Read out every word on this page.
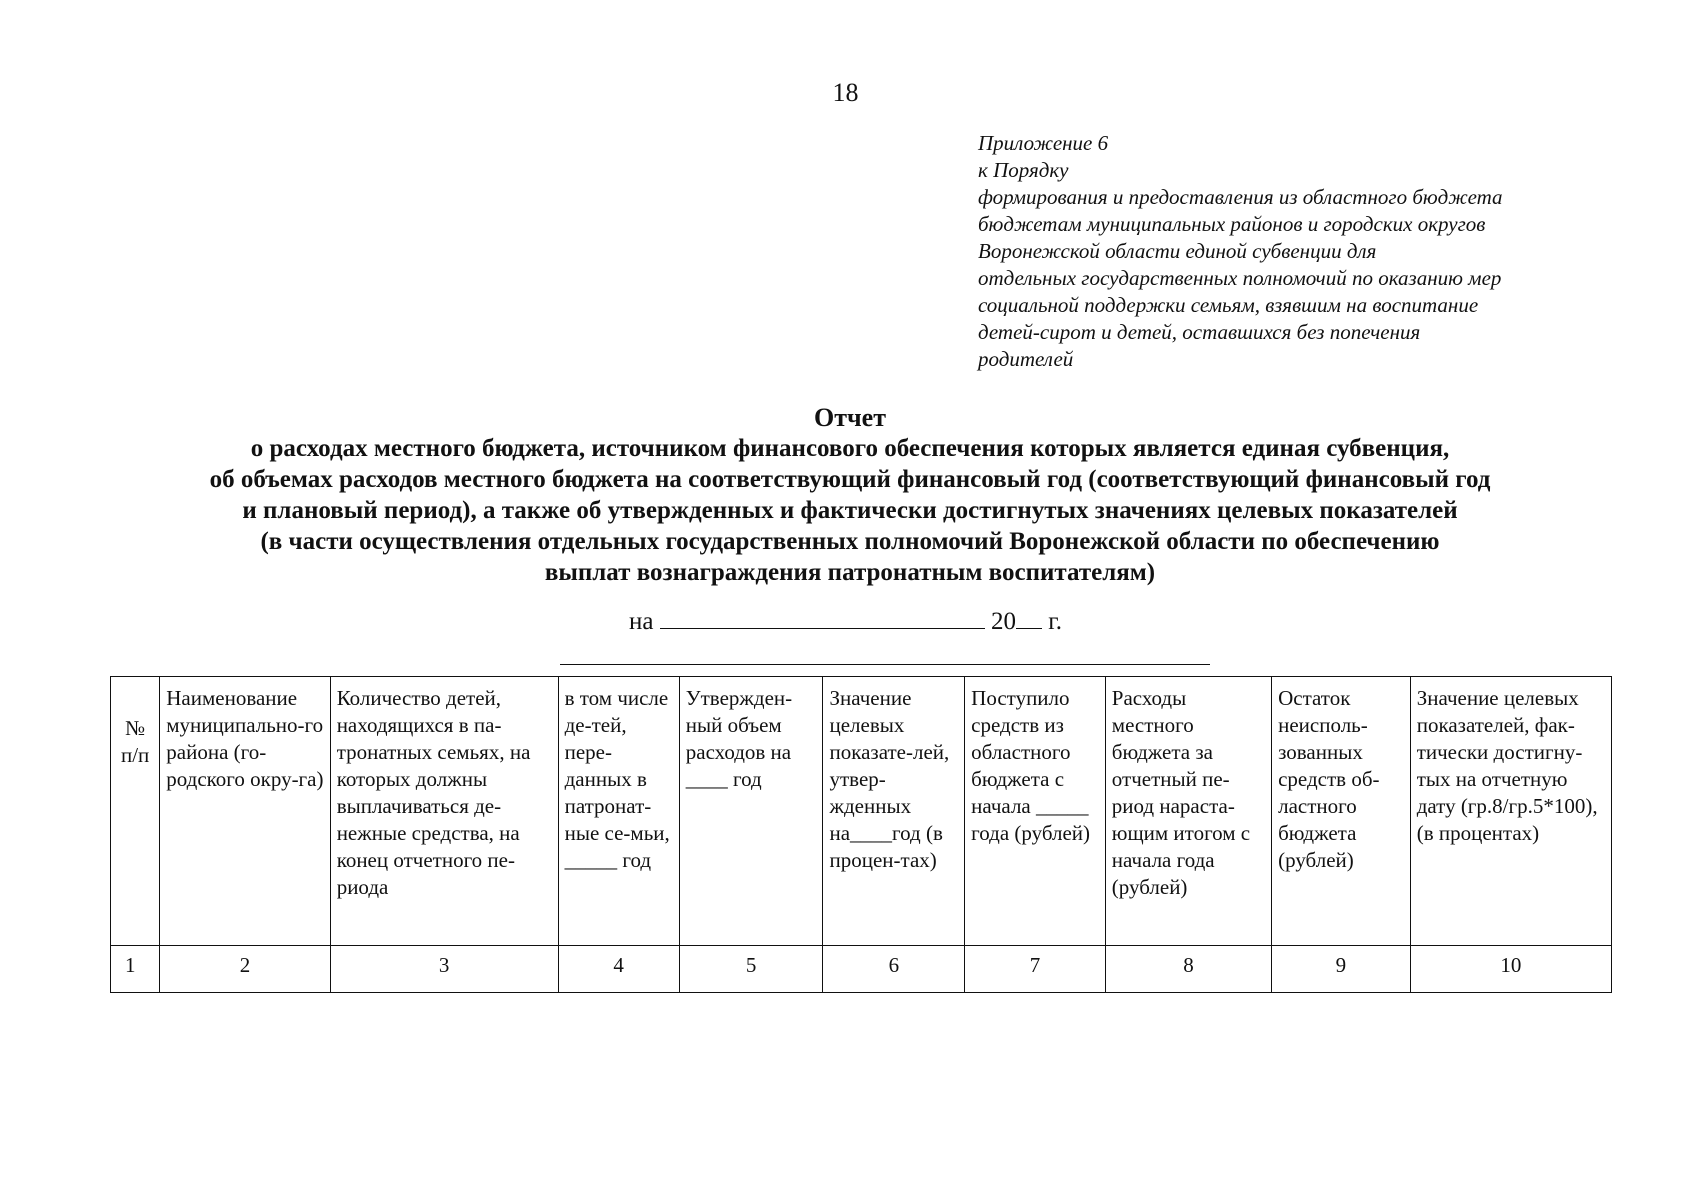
18
Приложение 6
к Порядку
формирования и предоставления из областного бюджета
бюджетам муниципальных районов и городских округов
Воронежской области единой субвенции для
отдельных государственных полномочий по оказанию мер
социальной поддержки семьям, взявшим на воспитание
детей-сирот и детей, оставшихся без попечения
родителей
Отчет
о расходах местного бюджета, источником финансового обеспечения которых является единая субвенция,
об объемах расходов местного бюджета на соответствующий финансовый год (соответствующий финансовый год
и плановый период), а также об утвержденных и фактически достигнутых значениях целевых показателей
(в части осуществления отдельных государственных полномочий Воронежской области по обеспечению
выплат вознаграждения патронатным воспитателям)
на	20 г.
№ п/п	Наименование муниципально-го района (го-родского окру-га)	Количество детей, находящихся в па-тронатных семьях, на которых должны выплачиваться де-нежные средства, на конец отчетного пе-риода	в том числе де-тей, пере-данных в патронат-ные се-мьи, _____ год	Утвержден-ный объем расходов на ____ год	Значение целевых показате-лей, утвер-жденных на____год (в процен-тах)	Поступило средств из областного бюджета с начала _____ года (рублей)	Расходы местного бюджета за отчетный пе-риод нараста-ющим итогом с начала года (рублей)	Остаток неисполь-зованных средств об-ластного бюджета (рублей)	Значение целевых показателей, фак-тически достигну-тых на отчетную дату (гр.8/гр.5*100), (в процентах)
1	2	3	4	5	6	7	8	9	10
